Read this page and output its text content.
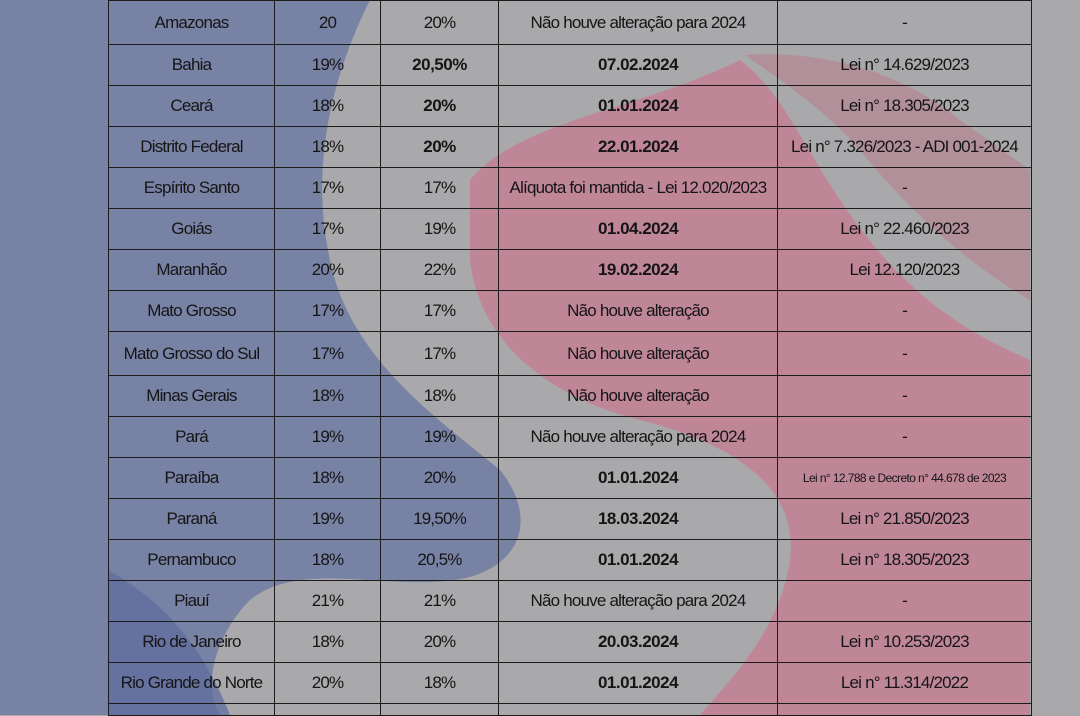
Amazonas	20	20%	Não houve alteração para 2024	-
Bahia	19%	20,50%	07.02.2024	Lei n° 14.629/2023
Ceará	18%	20%	01.01.2024	Lei n° 18.305/2023
Distrito Federal	18%	20%	22.01.2024	Lei n° 7.326/2023 - ADI 001-2024
Espírito Santo	17%	17%	Alíquota foi mantida - Lei 12.020/2023	-
Goiás	17%	19%	01.04.2024	Lei n° 22.460/2023
Maranhão	20%	22%	19.02.2024	Lei 12.120/2023
Mato Grosso	17%	17%	Não houve alteração	-
Mato Grosso do Sul	17%	17%	Não houve alteração	-
Minas Gerais	18%	18%	Não houve alteração	-
Pará	19%	19%	Não houve alteração para 2024	-
Paraíba	18%	20%	01.01.2024	Lei n° 12.788 e Decreto n° 44.678 de 2023
Paraná	19%	19,50%	18.03.2024	Lei n° 21.850/2023
Pernambuco	18%	20,5%	01.01.2024	Lei n° 18.305/2023
Piauí	21%	21%	Não houve alteração para 2024	-
Rio de Janeiro	18%	20%	20.03.2024	Lei n° 10.253/2023
Rio Grande do Norte	20%	18%	01.01.2024	Lei n° 11.314/2022
